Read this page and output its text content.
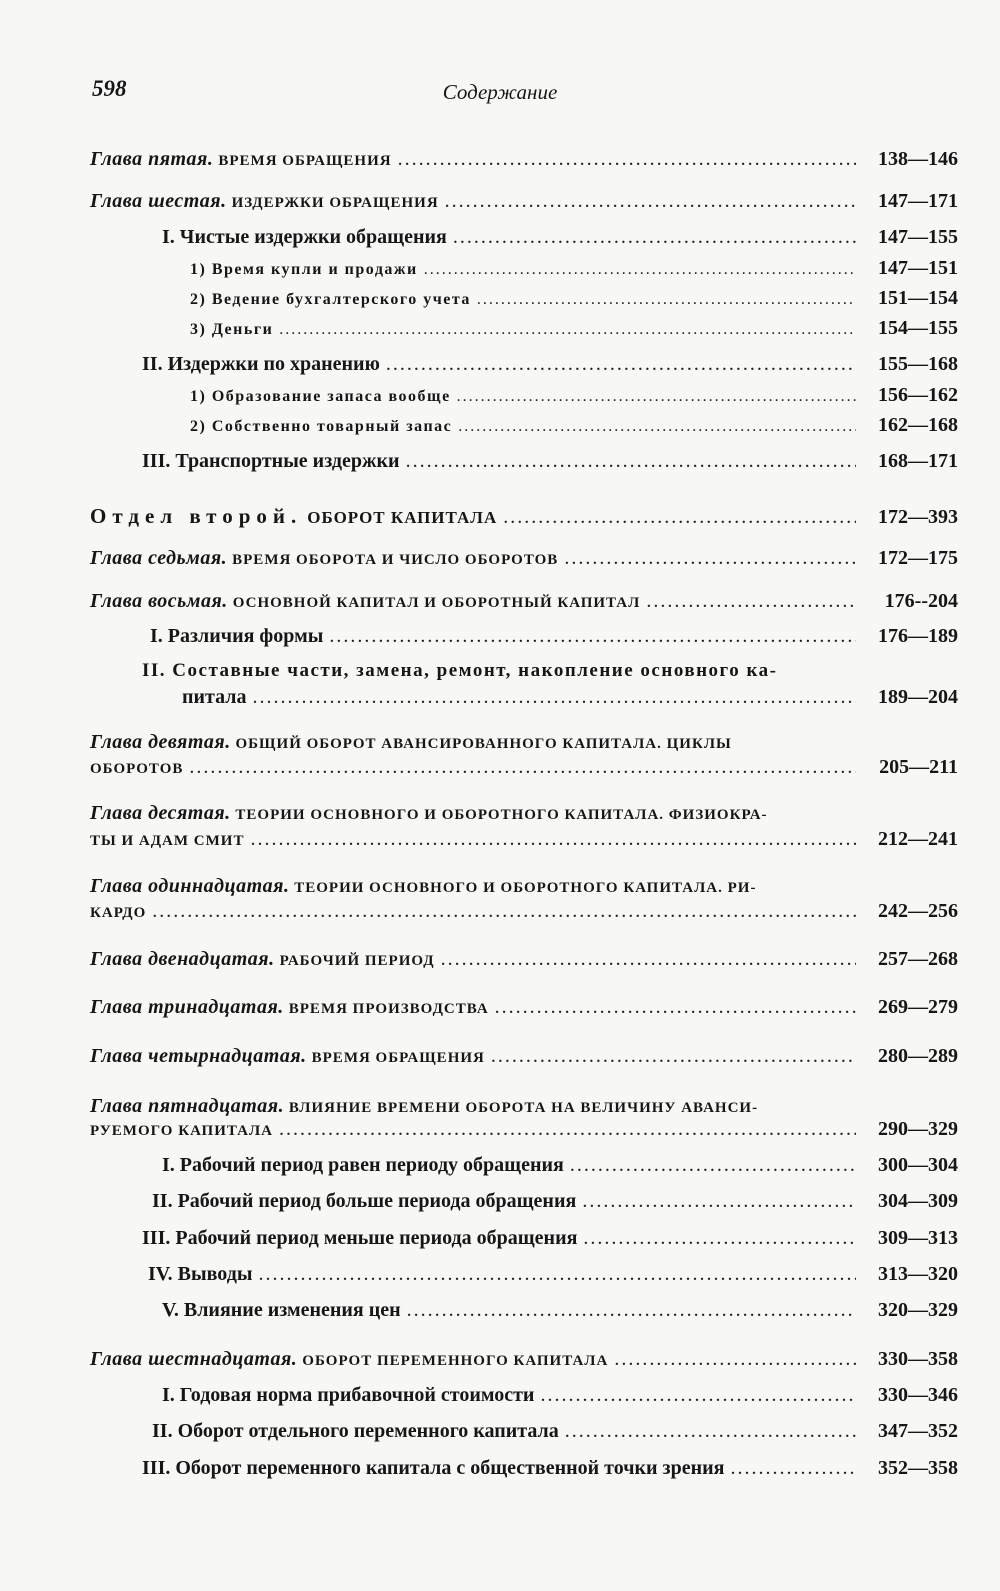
598	Содержание
Глава пятая. ВРЕМЯ ОБРАЩЕНИЯ .....	138—146
Глава шестая. ИЗДЕРЖКИ ОБРАЩЕНИЯ .....	147—171
I. Чистые издержки обращения .....	147—155
1) Время купли и продажи .....	147—151
2) Ведение бухгалтерского учета .....	151—154
3) Деньги .....	154—155
II. Издержки по хранению .....	155—168
1) Образование запаса вообще .....	156—162
2) Собственно товарный запас .....	162—168
III. Транспортные издержки .....	168—171
Отдел второй. ОБОРОТ КАПИТАЛА .....	172—393
Глава седьмая. ВРЕМЯ ОБОРОТА И ЧИСЛО ОБОРОТОВ .....	172—175
Глава восьмая. ОСНОВНОЙ КАПИТАЛ И ОБОРОТНЫЙ КАПИТАЛ .....	176--204
I. Различия формы .....	176—189
II. Составные части, замена, ремонт, накопление основного ка-
питала .....	189—204
Глава девятая. ОБЩИЙ ОБОРОТ АВАНСИРОВАННОГО КАПИТАЛА. ЦИКЛЫ
ОБОРОТОВ .....	205—211
Глава десятая. ТЕОРИИ ОСНОВНОГО И ОБОРОТНОГО КАПИТАЛА. ФИЗИОКРА-
ТЫ И АДАМ СМИТ .....	212—241
Глава одиннадцатая. ТЕОРИИ ОСНОВНОГО И ОБОРОТНОГО КАПИТАЛА. РИ-
КАРДО .....	242—256
Глава двенадцатая. РАБОЧИЙ ПЕРИОД .....	257—268
Глава тринадцатая. ВРЕМЯ ПРОИЗВОДСТВА .....	269—279
Глава четырнадцатая. ВРЕМЯ ОБРАЩЕНИЯ .....	280—289
Глава пятнадцатая. ВЛИЯНИЕ ВРЕМЕНИ ОБОРОТА НА ВЕЛИЧИНУ АВАНСИ-
РУЕМОГО КАПИТАЛА .....	290—329
I. Рабочий период равен периоду обращения .....	300—304
II. Рабочий период больше периода обращения .....	304—309
III. Рабочий период меньше периода обращения .....	309—313
IV. Выводы .....	313—320
V. Влияние изменения цен .....	320—329
Глава шестнадцатая. ОБОРОТ ПЕРЕМЕННОГО КАПИТАЛА .....	330—358
I. Годовая норма прибавочной стоимости .....	330—346
II. Оборот отдельного переменного капитала .....	347—352
III. Оборот переменного капитала с общественной точки зрения .....	352—358
